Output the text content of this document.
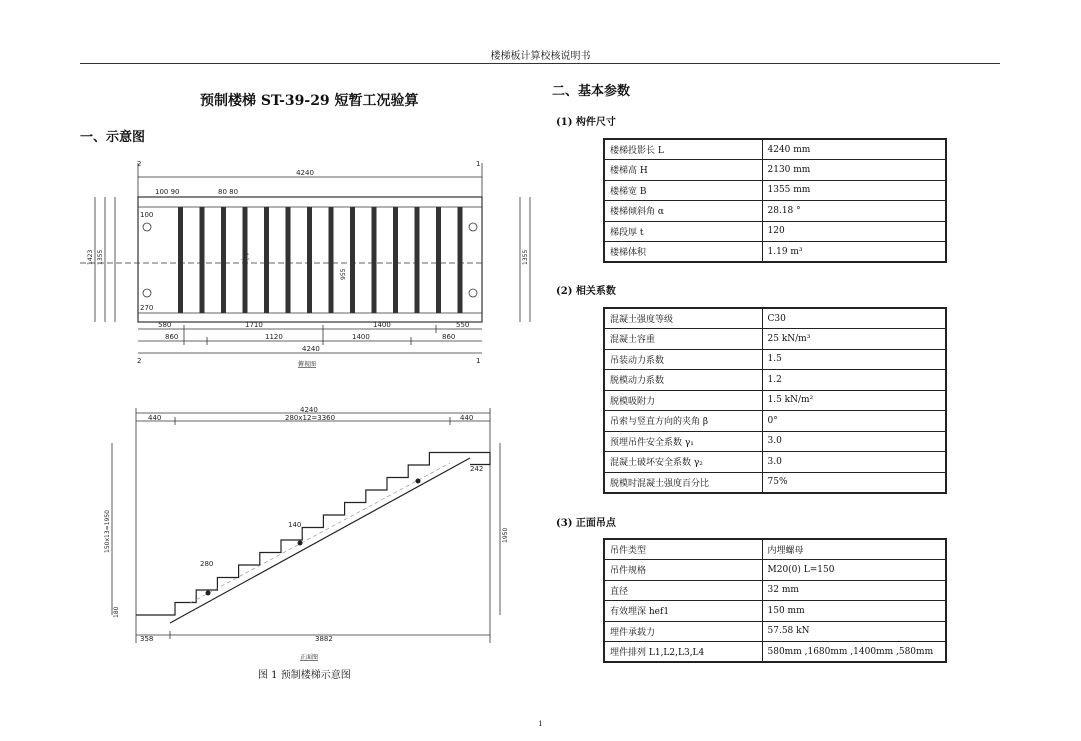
楼梯板计算校核说明书
预制楼梯 ST-39-29 短暂工况验算
一、示意图
二、基本参数
(1) 构件尺寸
(2) 相关系数
(3) 正面吊点
4240
100 90	80 80
100
270
上
2	1
580	1710	1400	550
860	1120	1400	860
4240
2	1
俯视图
1423 1355	1355
955
4240
440	280x12=3360	440
242
140
280
358	3882
正面图
150x13=1950	1950
180
图 1 预制楼梯示意图
楼梯投影长 L	4240 mm
楼梯高 H	2130 mm
楼梯宽 B	1355 mm
楼梯倾斜角 α	28.18 °
梯段厚 t	120
楼梯体积	1.19 m³
混凝土强度等级	C30
混凝土容重	25 kN/m³
吊装动力系数	1.5
脱模动力系数	1.2
脱模吸附力	1.5 kN/m²
吊索与竖直方向的夹角 β	0°
预埋吊件安全系数 γ₁	3.0
混凝土破坏安全系数 γ₂	3.0
脱模时混凝土强度百分比	75%
吊件类型	内埋螺母
吊件规格	M20(0) L=150
直径	32 mm
有效埋深 hef1	150 mm
埋件承载力	57.58 kN
埋件排列 L1,L2,L3,L4	580mm ,1680mm ,1400mm ,580mm
1
